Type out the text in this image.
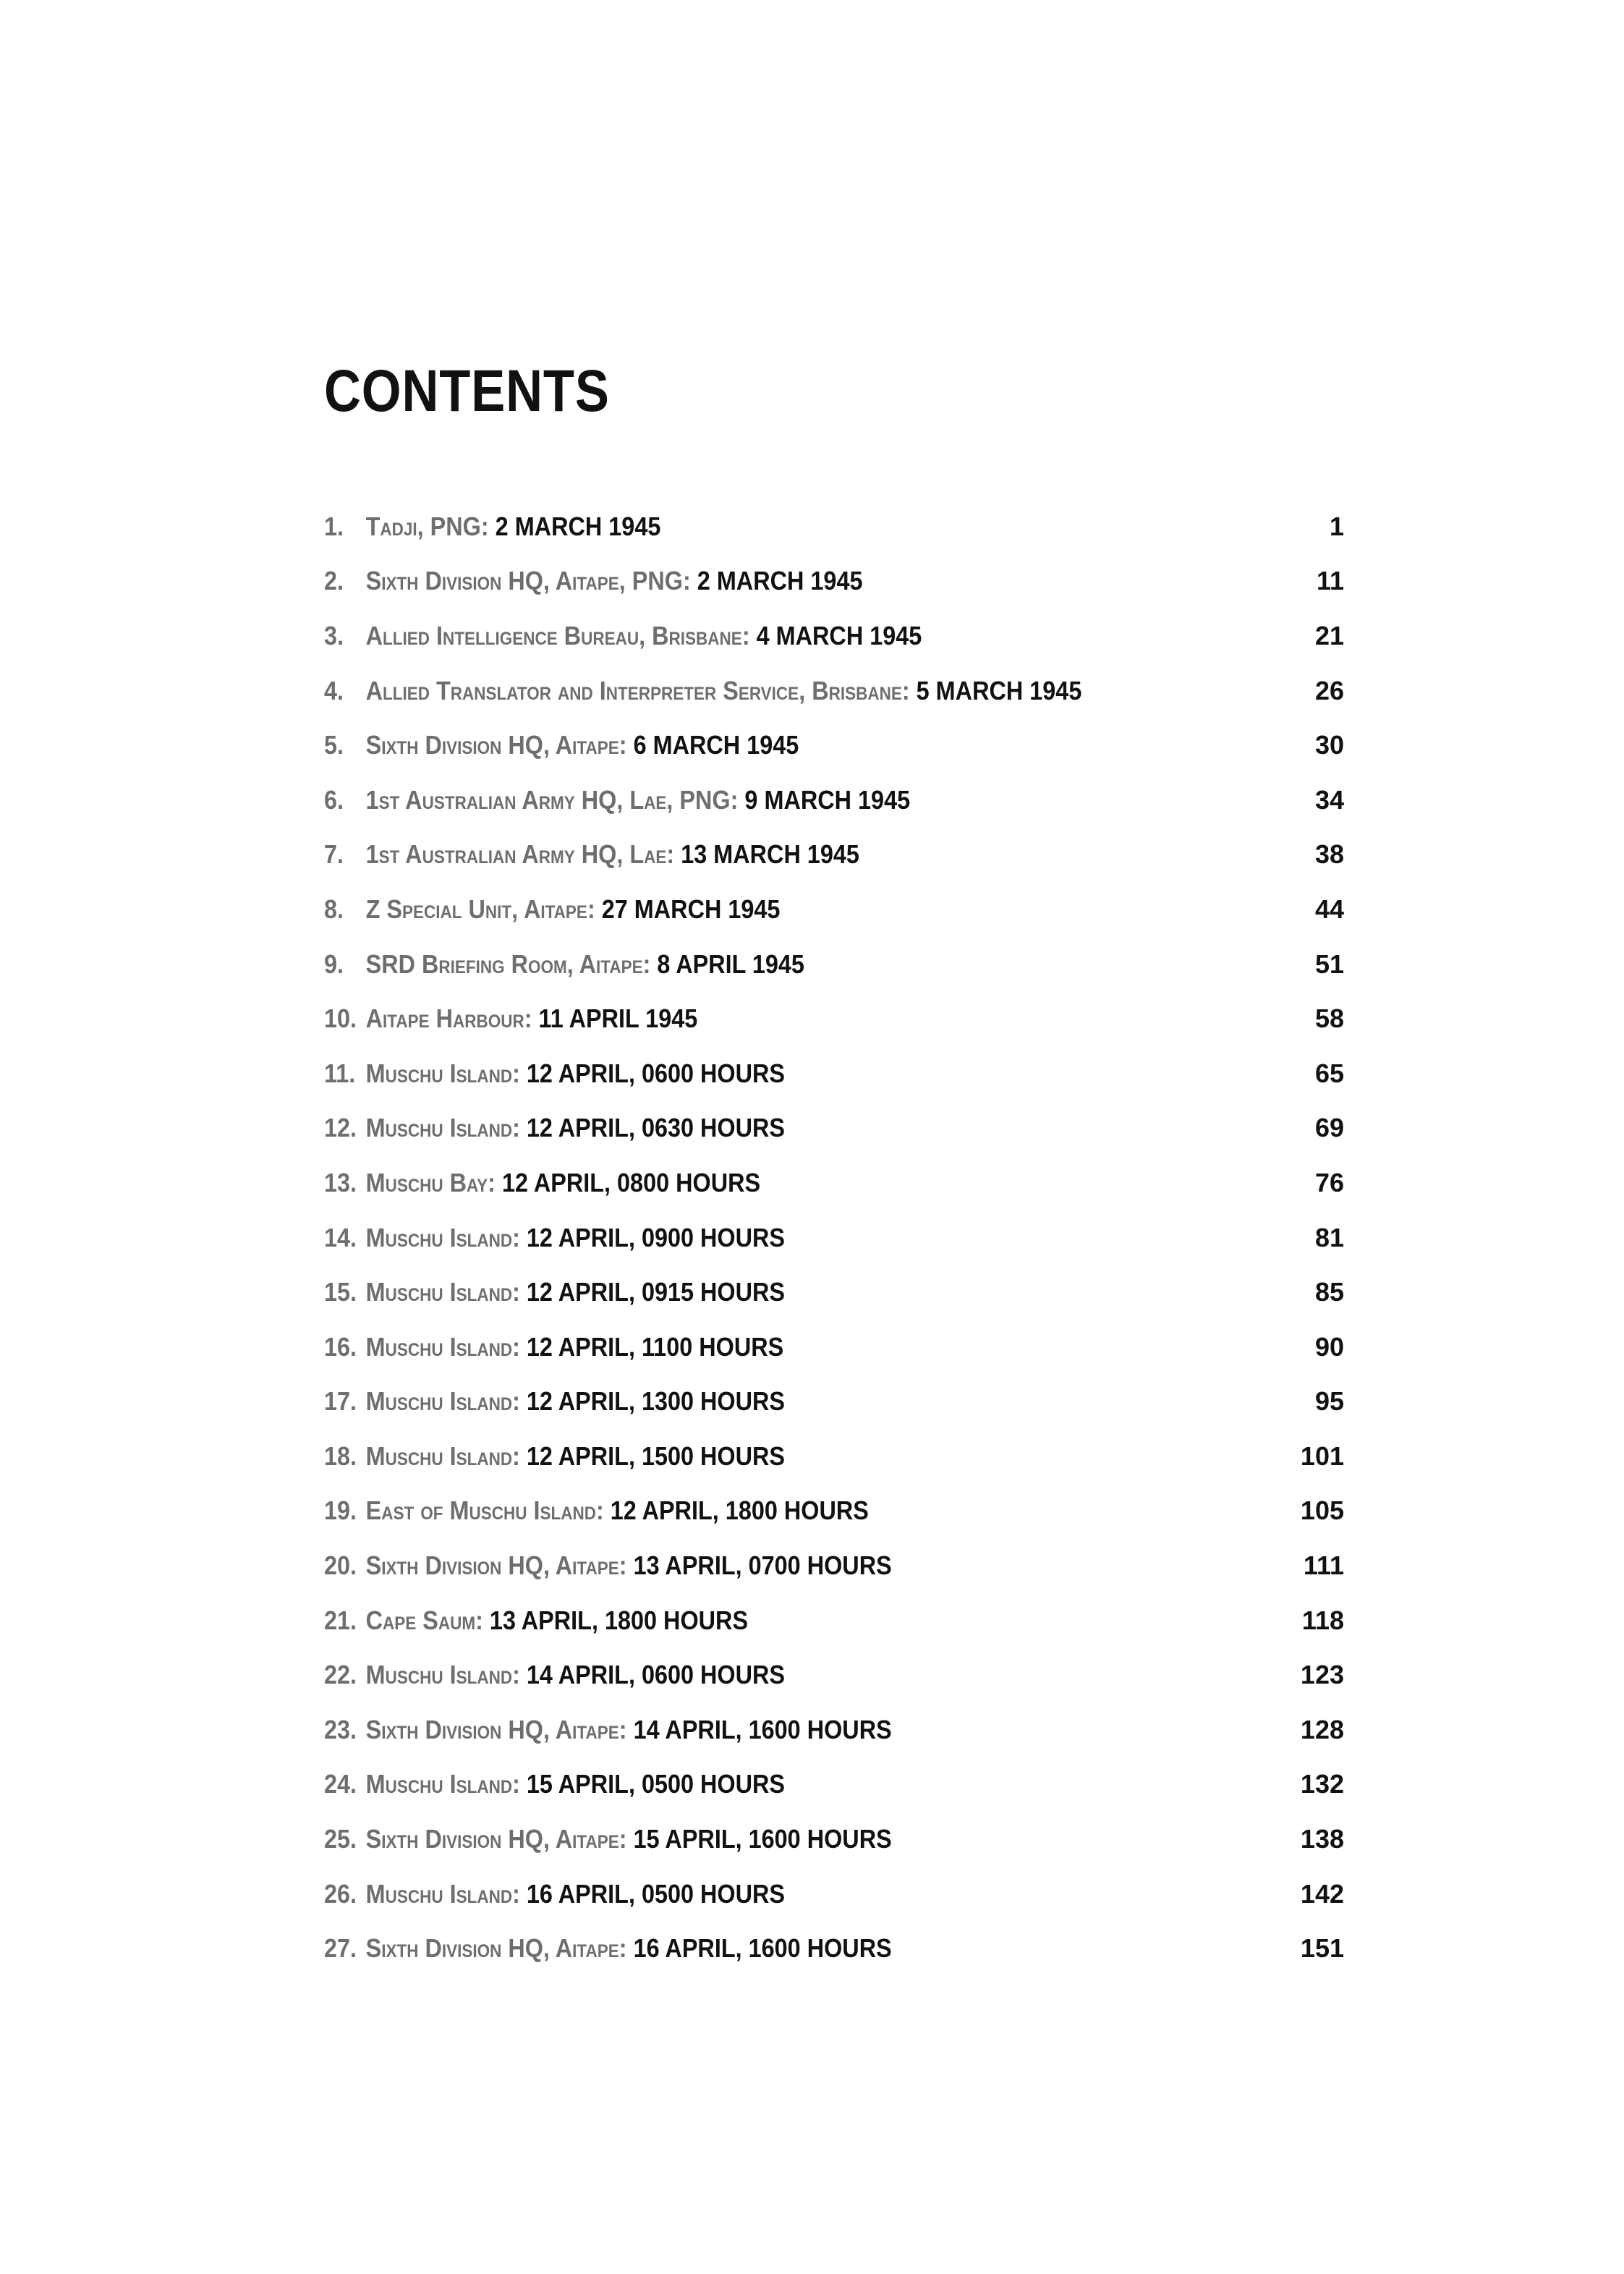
CONTENTS
1. Tadji, PNG: 2 MARCH 1945	1
2. Sixth Division HQ, Aitape, PNG: 2 MARCH 1945	11
3. Allied Intelligence Bureau, Brisbane: 4 MARCH 1945	21
4. Allied Translator and Interpreter Service, Brisbane: 5 MARCH 1945	26
5. Sixth Division HQ, Aitape: 6 MARCH 1945	30
6. 1st Australian Army HQ, Lae, PNG: 9 MARCH 1945	34
7. 1st Australian Army HQ, Lae: 13 MARCH 1945	38
8. Z Special Unit, Aitape: 27 MARCH 1945	44
9. SRD Briefing Room, Aitape: 8 APRIL 1945	51
10. Aitape Harbour: 11 APRIL 1945	58
11. Muschu Island: 12 APRIL, 0600 HOURS	65
12. Muschu Island: 12 APRIL, 0630 HOURS	69
13. Muschu Bay: 12 APRIL, 0800 HOURS	76
14. Muschu Island: 12 APRIL, 0900 HOURS	81
15. Muschu Island: 12 APRIL, 0915 HOURS	85
16. Muschu Island: 12 APRIL, 1100 HOURS	90
17. Muschu Island: 12 APRIL, 1300 HOURS	95
18. Muschu Island: 12 APRIL, 1500 HOURS	101
19. East of Muschu Island: 12 APRIL, 1800 HOURS	105
20. Sixth Division HQ, Aitape: 13 APRIL, 0700 HOURS	111
21. Cape Saum: 13 APRIL, 1800 HOURS	118
22. Muschu Island: 14 APRIL, 0600 HOURS	123
23. Sixth Division HQ, Aitape: 14 APRIL, 1600 HOURS	128
24. Muschu Island: 15 APRIL, 0500 HOURS	132
25. Sixth Division HQ, Aitape: 15 APRIL, 1600 HOURS	138
26. Muschu Island: 16 APRIL, 0500 HOURS	142
27. Sixth Division HQ, Aitape: 16 APRIL, 1600 HOURS	151
